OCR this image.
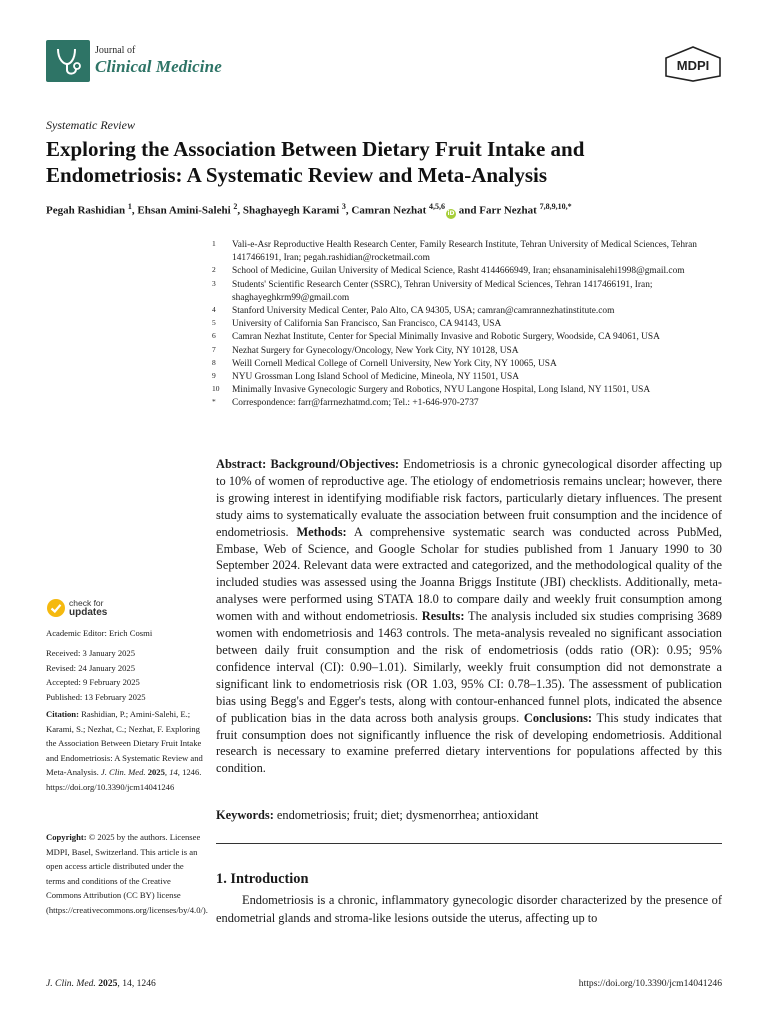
Journal of
Clinical Medicine	MDPI
Systematic Review
Exploring the Association Between Dietary Fruit Intake and
Endometriosis: A Systematic Review and Meta-Analysis
Pegah Rashidian $^1$, Ehsan Amini-Salehi $^2$, Shaghayegh Karami $^3$, Camran Nezhat $^{4,5,6}$iD and Farr Nezhat $^{7,8,9,10,*}$
1	Vali-e-Asr Reproductive Health Research Center, Family Research Institute, Tehran University of Medical Sciences, Tehran 1417466191, Iran; pegah.rashidian@rocketmail.com
2	School of Medicine, Guilan University of Medical Science, Rasht 4144666949, Iran; ehsanaminisalehi1998@gmail.com
3	Students' Scientific Research Center (SSRC), Tehran University of Medical Sciences, Tehran 1417466191, Iran; shaghayeghkrm99@gmail.com
4	Stanford University Medical Center, Palo Alto, CA 94305, USA; camran@camrannezhatinstitute.com
5	University of California San Francisco, San Francisco, CA 94143, USA
6	Camran Nezhat Institute, Center for Special Minimally Invasive and Robotic Surgery, Woodside, CA 94061, USA
7	Nezhat Surgery for Gynecology/Oncology, New York City, NY 10128, USA
8	Weill Cornell Medical College of Cornell University, New York City, NY 10065, USA
9	NYU Grossman Long Island School of Medicine, Mineola, NY 11501, USA
10	Minimally Invasive Gynecologic Surgery and Robotics, NYU Langone Hospital, Long Island, NY 11501, USA
*	Correspondence: farr@farrnezhatmd.com; Tel.: +1-646-970-2737
Abstract: Background/Objectives: Endometriosis is a chronic gynecological disorder affecting up to 10% of women of reproductive age. The etiology of endometriosis remains unclear; however, there is growing interest in identifying modifiable risk factors, particularly dietary influences. The present study aims to systematically evaluate the association between fruit consumption and the incidence of endometriosis. Methods: A comprehensive systematic search was conducted across PubMed, Embase, Web of Science, and Google Scholar for studies published from 1 January 1990 to 30 September 2024. Relevant data were extracted and categorized, and the methodological quality of the included studies was assessed using the Joanna Briggs Institute (JBI) checklists. Additionally, meta-analyses were performed using STATA 18.0 to compare daily and weekly fruit consumption among women with and without endometriosis. Results: The analysis included six studies comprising 3689 women with endometriosis and 1463 controls. The meta-analysis revealed no significant association between daily fruit consumption and the risk of endometriosis (odds ratio (OR): 0.95; 95% confidence interval (CI): 0.90–1.01). Similarly, weekly fruit consumption did not demonstrate a significant link to endometriosis risk (OR 1.03, 95% CI: 0.78–1.35). The assessment of publication bias using Begg's and Egger's tests, along with contour-enhanced funnel plots, indicated the absence of publication bias in the data across both analysis groups. Conclusions: This study indicates that fruit consumption does not significantly influence the risk of developing endometriosis. Additional research is necessary to examine preferred dietary interventions for populations affected by this condition.
Keywords: endometriosis; fruit; diet; dysmenorrhea; antioxidant
1. Introduction
Endometriosis is a chronic, inflammatory gynecologic disorder characterized by the presence of endometrial glands and stroma-like lesions outside the uterus, affecting up to
check for
updates
Academic Editor: Erich Cosmi
Received: 3 January 2025
Revised: 24 January 2025
Accepted: 9 February 2025
Published: 13 February 2025
Citation: Rashidian, P.; Amini-Salehi, E.; Karami, S.; Nezhat, C.; Nezhat, F. Exploring the Association Between Dietary Fruit Intake and Endometriosis: A Systematic Review and Meta-Analysis. J. Clin. Med. 2025, 14, 1246. https://doi.org/10.3390/jcm14041246
Copyright: © 2025 by the authors. Licensee MDPI, Basel, Switzerland. This article is an open access article distributed under the terms and conditions of the Creative Commons Attribution (CC BY) license (https://creativecommons.org/licenses/by/4.0/).
J. Clin. Med. 2025, 14, 1246	https://doi.org/10.3390/jcm14041246
